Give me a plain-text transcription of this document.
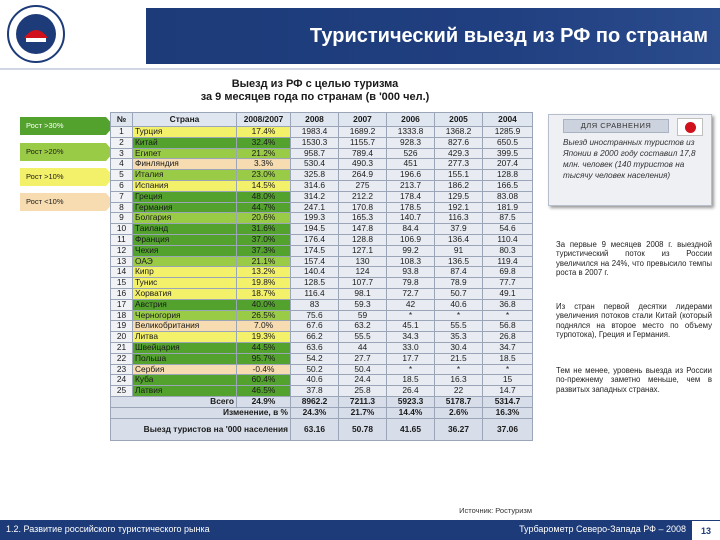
Туристический выезд из РФ по странам
Выезд из РФ с целью туризма
за 9 месяцев года по странам (в '000 чел.)
Рост >30%
Рост >20%
Рост >10%
Рост <10%
№	Страна	2008/2007	2008	2007	2006	2005	2004
1	Турция	17.4%	1983.4	1689.2	1333.8	1368.2	1285.9
2	Китай	32.4%	1530.3	1155.7	928.3	827.6	650.5
3	Египет	21.2%	958.7	789.4	526	429.3	399.5
4	Финляндия	3.3%	530.4	490.3	451	277.3	207.4
5	Италия	23.0%	325.8	264.9	196.6	155.1	128.8
6	Испания	14.5%	314.6	275	213.7	186.2	166.5
7	Греция	48.0%	314.2	212.2	178.4	129.5	83.08
8	Германия	44.7%	247.1	170.8	178.5	192.1	181.9
9	Болгария	20.6%	199.3	165.3	140.7	116.3	87.5
10	Таиланд	31.6%	194.5	147.8	84.4	37.9	54.6
11	Франция	37.0%	176.4	128.8	106.9	136.4	110.4
12	Чехия	37.3%	174.5	127.1	99.2	91	80.3
13	ОАЭ	21.1%	157.4	130	108.3	136.5	119.4
14	Кипр	13.2%	140.4	124	93.8	87.4	69.8
15	Тунис	19.8%	128.5	107.7	79.8	78.9	77.7
16	Хорватия	18.7%	116.4	98.1	72.7	50.7	49.1
17	Австрия	40.0%	83	59.3	42	40.6	36.8
18	Черногория	26.5%	75.6	59	*	*	*
19	Великобритания	7.0%	67.6	63.2	45.1	55.5	56.8
20	Литва	19.3%	66.2	55.5	34.3	35.3	26.8
21	Швейцария	44.5%	63.6	44	33.0	30.4	34.7
22	Польша	95.7%	54.2	27.7	17.7	21.5	18.5
23	Сербия	-0.4%	50.2	50.4	*	*	*
24	Куба	60.4%	40.6	24.4	18.5	16.3	15
25	Латвия	46.5%	37.8	25.8	26.4	22	14.7
Всего		24.9%	8962.2	7211.3	5923.3	5178.7	5314.7
Изменение, в %			24.3%	21.7%	14.4%	2.6%	16.3%
Выезд туристов на '000 населения			63.16	50.78	41.65	36.27	37.06
ДЛЯ СРАВНЕНИЯ
Выезд иностранных туристов из Японии в 2000 году составил 17,8 млн. человек (140 туристов на тысячу человек населения)
За первые 9 месяцев 2008 г. выездной туристический поток из России увеличился на 24%, что превысило темпы роста в 2007 г.
Из стран первой десятки лидерами увеличения потоков стали Китай (который поднялся на второе место по объему турпотока), Греция и Германия.
Тем не менее, уровень выезда из России по-прежнему заметно меньше, чем в развитых западных странах.
Источник: Ростуризм
1.2. Развитие российского туристического рынка	Турбарометр Северо-Запада РФ – 2008	13
